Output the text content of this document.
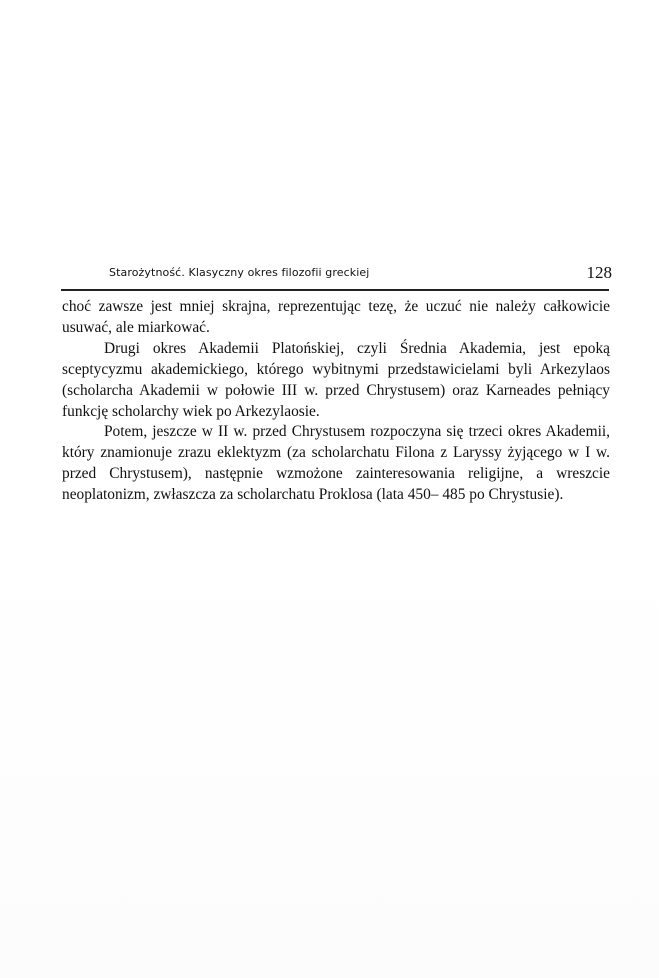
Starożytność. Klasyczny okres filozofii greckiej	128

choć zawsze jest mniej skrajna, reprezentując tezę, że uczuć nie należy całkowicie usuwać, ale miarkować.

Drugi okres Akademii Platońskiej, czyli Średnia Akademia, jest epoką sceptycyzmu akademickiego, którego wybitnymi przedstawicielami byli Arkezylaos (scholarcha Akademii w połowie III w. przed Chrystusem) oraz Karneades pełniący funkcję scholarchy wiek po Arkezylaosie.

Potem, jeszcze w II w. przed Chrystusem rozpoczyna się trzeci okres Akademii, który znamionuje zrazu eklektyzm (za scholarchatu Filona z Laryssy żyjącego w I w. przed Chrystusem), następnie wzmożone zainteresowania religijne, a wreszcie neoplatonizm, zwłaszcza za scholarchatu Proklosa (lata 450– 485 po Chrystusie).
